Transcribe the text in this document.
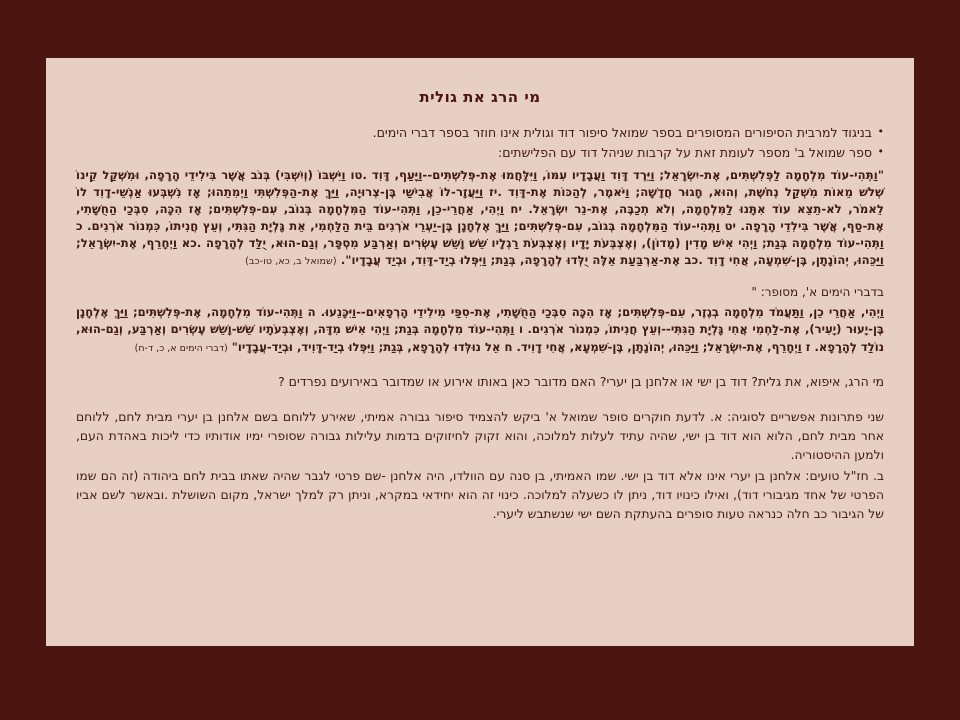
מי הרג את גולית
•
בניגוד למרבית הסיפורים המסופרים בספר שמואל סיפור דוד וגולית אינו חוזר בספר דברי הימים.
•
ספר שמואל ב' מספר לעומת זאת על קרבות שניהל דוד עם הפלישתים:
"וַתְּהִי-עוֹד מִלְחָמָה לַפְּלִשְׁתִּים, אֶת-יִשְׂרָאֵל; וַיֵּרֶד דָּוִד וַעֲבָדָיו עִמּוֹ, וַיִּלָּחֲמוּ אֶת-פְּלִשְׁתִּים--וַיָּעַף, דָּוִד .טו וַיִּשְׁבּוֹ (וְיִשְׁבִּי) בְּנֹב אֲשֶׁר בִּילִידֵי הָרָפָה, וּמִשְׁקַל קֵינוֹ שְׁלֹשׁ מֵאוֹת מִשְׁקַל נְחֹשֶׁת, וְהוּא, חָגוּר חֲדָשָׁה; וַיֹּאמֶר, לְהַכּוֹת אֶת-דָּוִד .יז וַיַּעֲזָר-לוֹ אֲבִישַׁי בֶּן-צְרוּיָה, וַיַּךְ אֶת-הַפְּלִשְׁתִּי וַיְמִתֵהוּ; אָז נִשְׁבְּעוּ אַנְשֵׁי-דָוִד לוֹ לֵאמֹר, לֹא-תֵצֵא עוֹד אִתָּנוּ לַמִּלְחָמָה, וְלֹא תְכַבֶּה, אֶת-נֵר יִשְׂרָאֵל. יח וַיְהִי, אַחֲרֵי-כֵן, וַתְּהִי-עוֹד הַמִּלְחָמָה בְּגוֹב, עִם-פְּלִשְׁתִּים; אָז הִכָּה, סִבְּכַי הַחֻשָׁתִי, אֶת-סַף, אֲשֶׁר בִּילִדֵי הָרָפָה. יט וַתְּהִי-עוֹד הַמִּלְחָמָה בְּגוֹב, עִם-פְּלִשְׁתִּים; וַיַּךְ אֶלְחָנָן בֶּן-יַעְרֵי אֹרְגִים בֵּית הַלַּחְמִי, אֵת גָּלְיָת הַגִּתִּי, וְעֵץ חֲנִיתוֹ, כִּמְנוֹר אֹרְגִים. כ וַתְּהִי-עוֹד מִלְחָמָה בְּגַת; וַיְהִי אִישׁ מָדִין (מָדוֹן), וְאֶצְבְּעֹת יָדָיו וְאֶצְבְּעֹת רַגְלָיו שֵׁשׁ וָשֵׁשׁ עֶשְׂרִים וְאַרְבַּע מִסְפָּר, וְגַם-הוּא, יֻלַּד לְהָרָפָה .כא וַיְחָרֵף, אֶת-יִשְׂרָאֵל; וַיַּכֵּהוּ, יְהוֹנָתָן, בֶּן-שִׁמְעָה, אֲחִי דָוִד .כב אֶת-אַרְבַּעַת אֵלֶּה יֻלְּדוּ לְהָרָפָה, בְּגַת; וַיִּפְּלוּ בְיַד-דָּוִד, וּבְיַד עֲבָדָיו". (שמואל ב, כא, טו-כב)
בדברי הימים א', מסופר: "
וַיְהִי, אַחֲרֵי כֵן, וַתַּעֲמֹד מִלְחָמָה בְגֶזֶר, עִם-פְּלִשְׁתִּים; אָז הִכָּה סִבְּכַי הַחֻשָׁתִי, אֶת-סִפַּי מִילִידֵי הָרְפָאִים--וַיִּכָּנֵעוּ. ה וַתְּהִי-עוֹד מִלְחָמָה, אֶת-פְּלִשְׁתִּים; וַיַּךְ אֶלְחָנָן בֶּן-יָעוּר (יָעִיר), אֶת-לַחְמִי אֲחִי גָּלְיָת הַגִּתִּי--וְעֵץ חֲנִיתוֹ, כִּמְנוֹר אֹרְגִים. ו וַתְּהִי-עוֹד מִלְחָמָה בְּגַת; וַיְהִי אִישׁ מִדָּה, וְאֶצְבְּעֹתָיו שֵׁשׁ-וָשֵׁשׁ עֶשְׂרִים וְאַרְבַּע, וְגַם-הוּא, נוֹלַד לְהָרָפָא. ז וַיְחָרֵף, אֶת-יִשְׂרָאֵל; וַיַּכֵּהוּ, יְהוֹנָתָן, בֶּן-שִׁמְעָא, אֲחִי דָוִיד. ח אֵל נוּלְּדוּ לְהָרָפָא, בְּגַת; וַיִּפְּלוּ בְיַד-דָּוִיד, וּבְיַד-עֲבָדָיו" (דברי הימים א, כ, ד-ח)
מי הרג, איפוא, את גלית? דוד בן ישי או אלחנן בן יערי? האם מדובר כאן באותו אירוע או שמדובר באירועים נפרדים ?

שני פתרונות אפשריים לסוגיה: א. לדעת חוקרים סופר שמואל א' ביקש להצמיד סיפור גבורה אמיתי, שאירע ללוחם בשם אלחנן בן יערי מבית לחם, ללוחם אחר מבית לחם, הלוא הוא דוד בן ישי, שהיה עתיד לעלות למלוכה, והוא זקוק לחיזוקים בדמות עלילות גבורה שסופרי ימיו אודותיו כדי ליכות באהדת העם, ולמען ההיסטוריה.

ב. חז"ל טועים: אלחנן בן יערי אינו אלא דוד בן ישי. שמו האמיתי, בן סנה עם הוולדו, היה אלחנן -שם פרטי לגבר שהיה שאתו בבית לחם ביהודה (זה הם שמו הפרטי של אחד מגיבורי דוד), ואילו כינויו דוד, ניתן לו כשעלה למלוכה. כינוי זה הוא יחידאי במקרא, וניתן רק למלך ישראל, מקום השושלת .ובאשר לשם אביו של הגיבור כב חלה כנראה טעות סופרים בהעתקת השם ישי שנשתבש ליערי.
